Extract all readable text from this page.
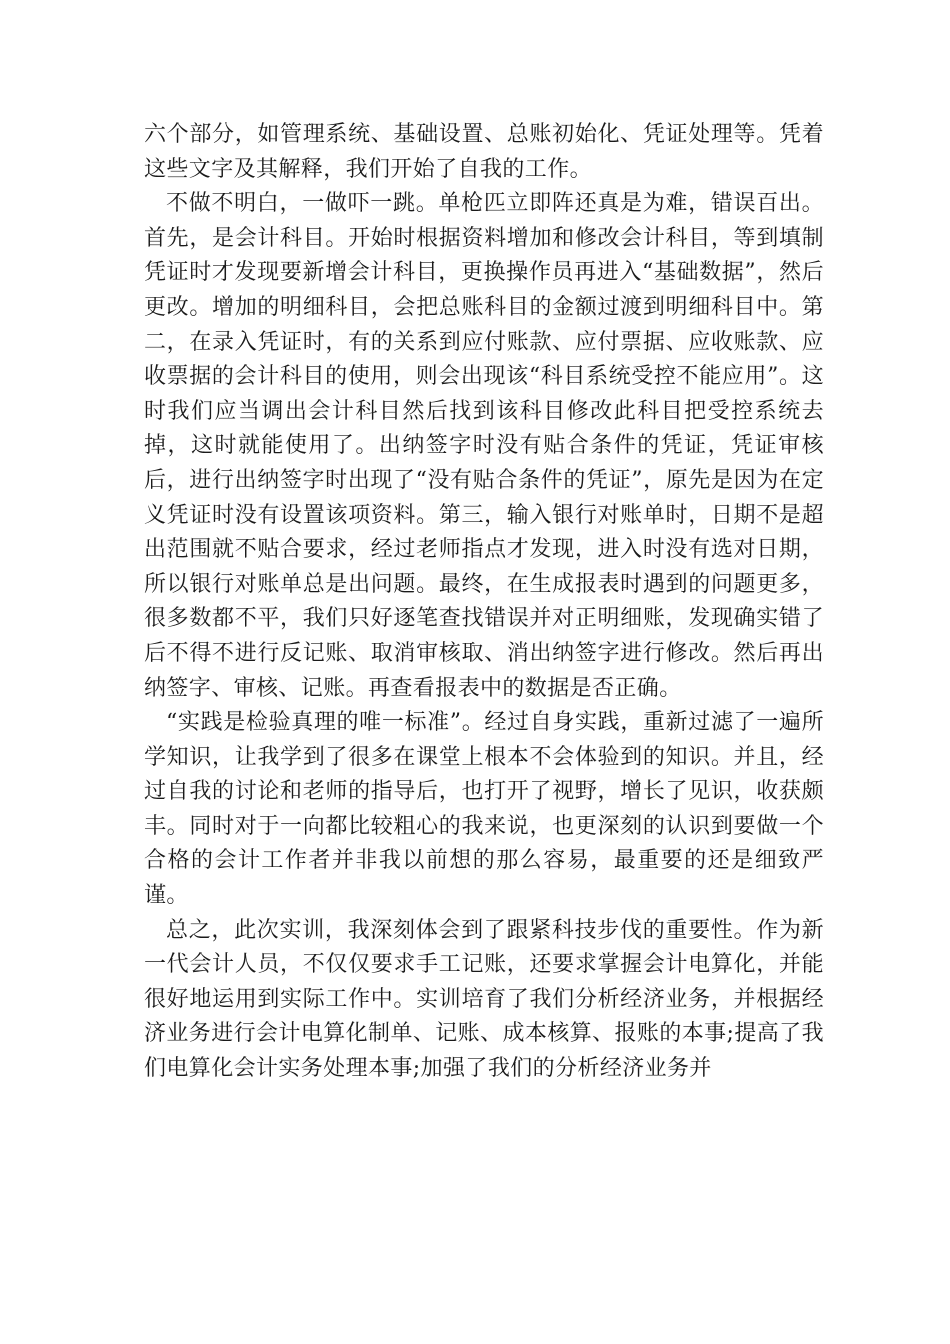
六个部分，如管理系统、基础设置、总账初始化、凭证处理等。凭着这些文字及其解释，我们开始了自我的工作。

不做不明白，一做吓一跳。单枪匹立即阵还真是为难，错误百出。首先，是会计科目。开始时根据资料增加和修改会计科目，等到填制凭证时才发现要新增会计科目，更换操作员再进入“基础数据”，然后更改。增加的明细科目，会把总账科目的金额过渡到明细科目中。第二，在录入凭证时，有的关系到应付账款、应付票据、应收账款、应收票据的会计科目的使用，则会出现该“科目系统受控不能应用”。这时我们应当调出会计科目然后找到该科目修改此科目把受控系统去掉，这时就能使用了。出纳签字时没有贴合条件的凭证，凭证审核后，进行出纳签字时出现了“没有贴合条件的凭证”，原先是因为在定义凭证时没有设置该项资料。第三，输入银行对账单时，日期不是超出范围就不贴合要求，经过老师指点才发现，进入时没有选对日期，所以银行对账单总是出问题。最终，在生成报表时遇到的问题更多，很多数都不平，我们只好逐笔查找错误并对正明细账，发现确实错了后不得不进行反记账、取消审核取、消出纳签字进行修改。然后再出纳签字、审核、记账。再查看报表中的数据是否正确。

“实践是检验真理的唯一标准”。经过自身实践，重新过滤了一遍所学知识，让我学到了很多在课堂上根本不会体验到的知识。并且，经过自我的讨论和老师的指导后，也打开了视野，增长了见识，收获颇丰。同时对于一向都比较粗心的我来说，也更深刻的认识到要做一个合格的会计工作者并非我以前想的那么容易，最重要的还是细致严谨。

总之，此次实训，我深刻体会到了跟紧科技步伐的重要性。作为新一代会计人员，不仅仅要求手工记账，还要求掌握会计电算化，并能很好地运用到实际工作中。实训培育了我们分析经济业务，并根据经济业务进行会计电算化制单、记账、成本核算、报账的本事;提高了我们电算化会计实务处理本事;加强了我们的分析经济业务并
